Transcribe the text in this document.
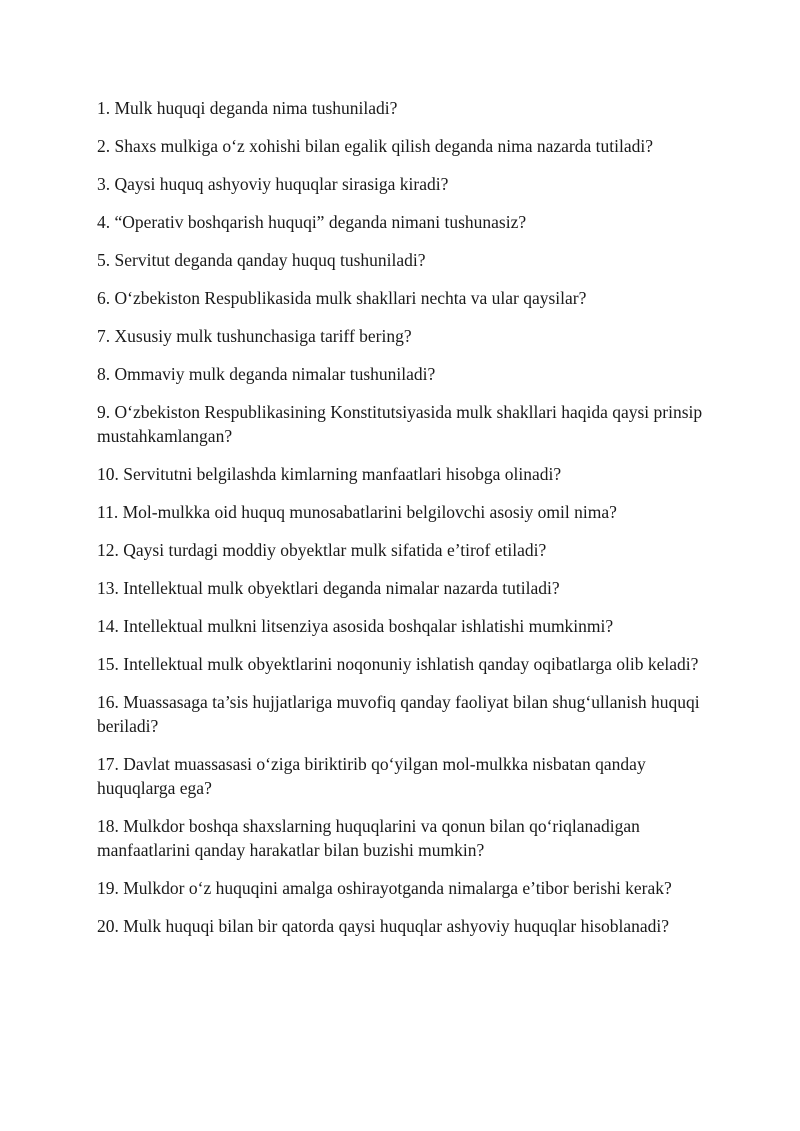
1. Mulk huquqi deganda nima tushuniladi?
2. Shaxs mulkiga o‘z xohishi bilan egalik qilish deganda nima nazarda tutiladi?
3. Qaysi huquq ashyoviy huquqlar sirasiga kiradi?
4. “Operativ boshqarish huquqi” deganda nimani tushunasiz?
5. Servitut deganda qanday huquq tushuniladi?
6. O‘zbekiston Respublikasida mulk shakllari nechta va ular qaysilar?
7. Xususiy mulk tushunchasiga tariff bering?
8. Ommaviy mulk deganda nimalar tushuniladi?
9. O‘zbekiston Respublikasining Konstitutsiyasida mulk shakllari haqida qaysi prinsip mustahkamlangan?
10. Servitutni belgilashda kimlarning manfaatlari hisobga olinadi?
11. Mol-mulkka oid huquq munosabatlarini belgilovchi asosiy omil nima?
12. Qaysi turdagi moddiy obyektlar mulk sifatida e’tirof etiladi?
13. Intellektual mulk obyektlari deganda nimalar nazarda tutiladi?
14. Intellektual mulkni litsenziya asosida boshqalar ishlatishi mumkinmi?
15. Intellektual mulk obyektlarini noqonuniy ishlatish qanday oqibatlarga olib keladi?
16. Muassasaga ta’sis hujjatlariga muvofiq qanday faoliyat bilan shug‘ullanish huquqi beriladi?
17. Davlat muassasasi o‘ziga biriktirib qo‘yilgan mol-mulkka nisbatan qanday huquqlarga ega?
18. Mulkdor boshqa shaxslarning huquqlarini va qonun bilan qo‘riqlanadigan manfaatlarini qanday harakatlar bilan buzishi mumkin?
19. Mulkdor o‘z huquqini amalga oshirayotganda nimalarga e’tibor berishi kerak?
20. Mulk huquqi bilan bir qatorda qaysi huquqlar ashyoviy huquqlar hisoblanadi?
